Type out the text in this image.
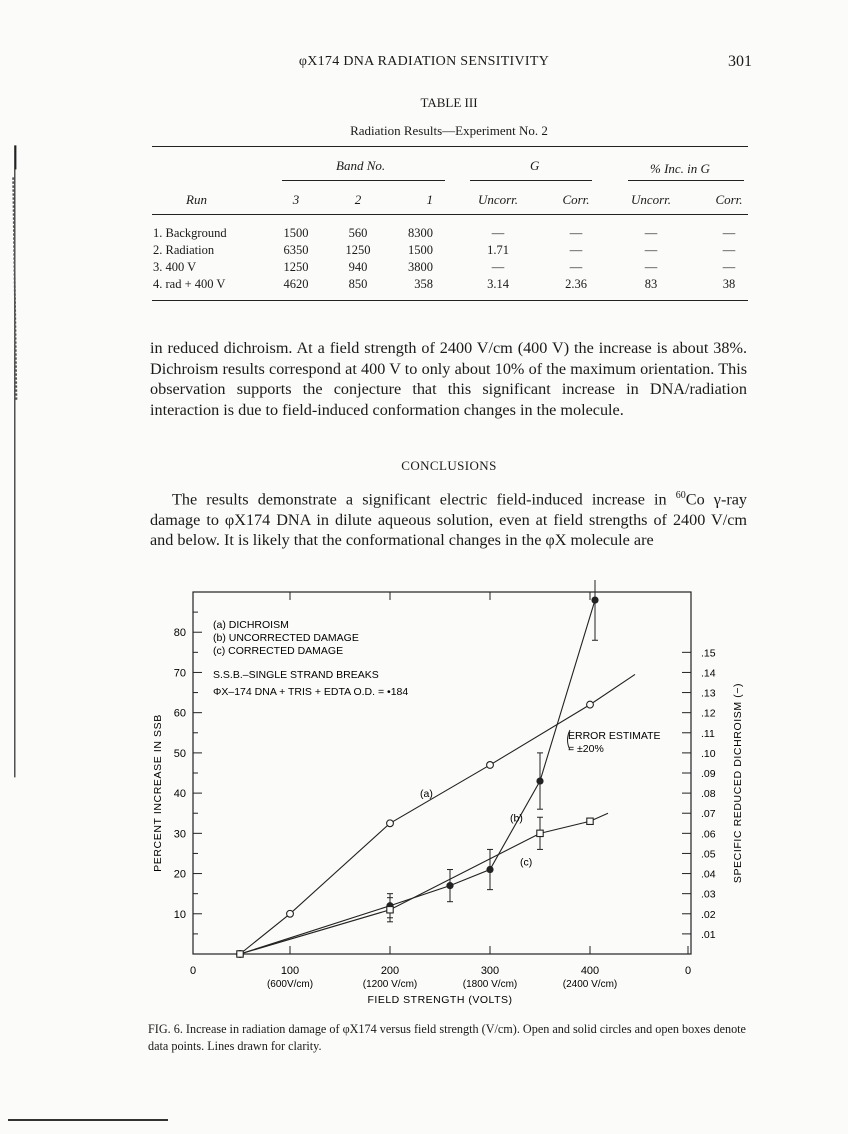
φX174 DNA RADIATION SENSITIVITY	301
TABLE III
Radiation Results—Experiment No. 2
Band No.	G	% Inc. in G
Run	3	2	1	Uncorr.	Corr.	Uncorr.	Corr.
1. Background	1500	560	8300	—	—	—	—
2. Radiation	6350	1250	1500	1.71	—	—	—
3. 400 V	1250	940	3800	—	—	—	—
4. rad + 400 V	4620	850	358	3.14	2.36	83	38

in reduced dichroism. At a field strength of 2400 V/cm (400 V) the increase is about 38%. Dichroism results correspond at 400 V to only about 10% of the maximum orientation. This observation supports the conjecture that this significant increase in DNA/radiation interaction is due to field-induced conformation changes in the molecule.

CONCLUSIONS

The results demonstrate a significant electric field-induced increase in $^{60}$Co γ-ray damage to φX174 DNA in dilute aqueous solution, even at field strengths of 2400 V/cm and below. It is likely that the conformational changes in the φX molecule are

0	100
(600V/cm)
200
(1200 V/cm)
300
(1800 V/cm)
400
(2400 V/cm)
0
FIELD STRENGTH (VOLTS)
10
20
30
40
50
60
70
80
PERCENT INCREASE IN SSB
.01
.02
.03
.04
.05
.06
.07
.08
.09
.10
.11
.12
.13
.14
.15
SPECIFIC REDUCED DICHROISM (−)
(a) DICHROISM
(b) UNCORRECTED DAMAGE
(c) CORRECTED DAMAGE
S.S.B.–SINGLE STRAND BREAKS
ΦX–174 DNA + TRIS + EDTA O.D. = •184
ERROR ESTIMATE
= ±20%
(a)
(b)
(c)
FIG. 6. Increase in radiation damage of φX174 versus field strength (V/cm). Open and solid circles and open boxes denote data points. Lines drawn for clarity.
